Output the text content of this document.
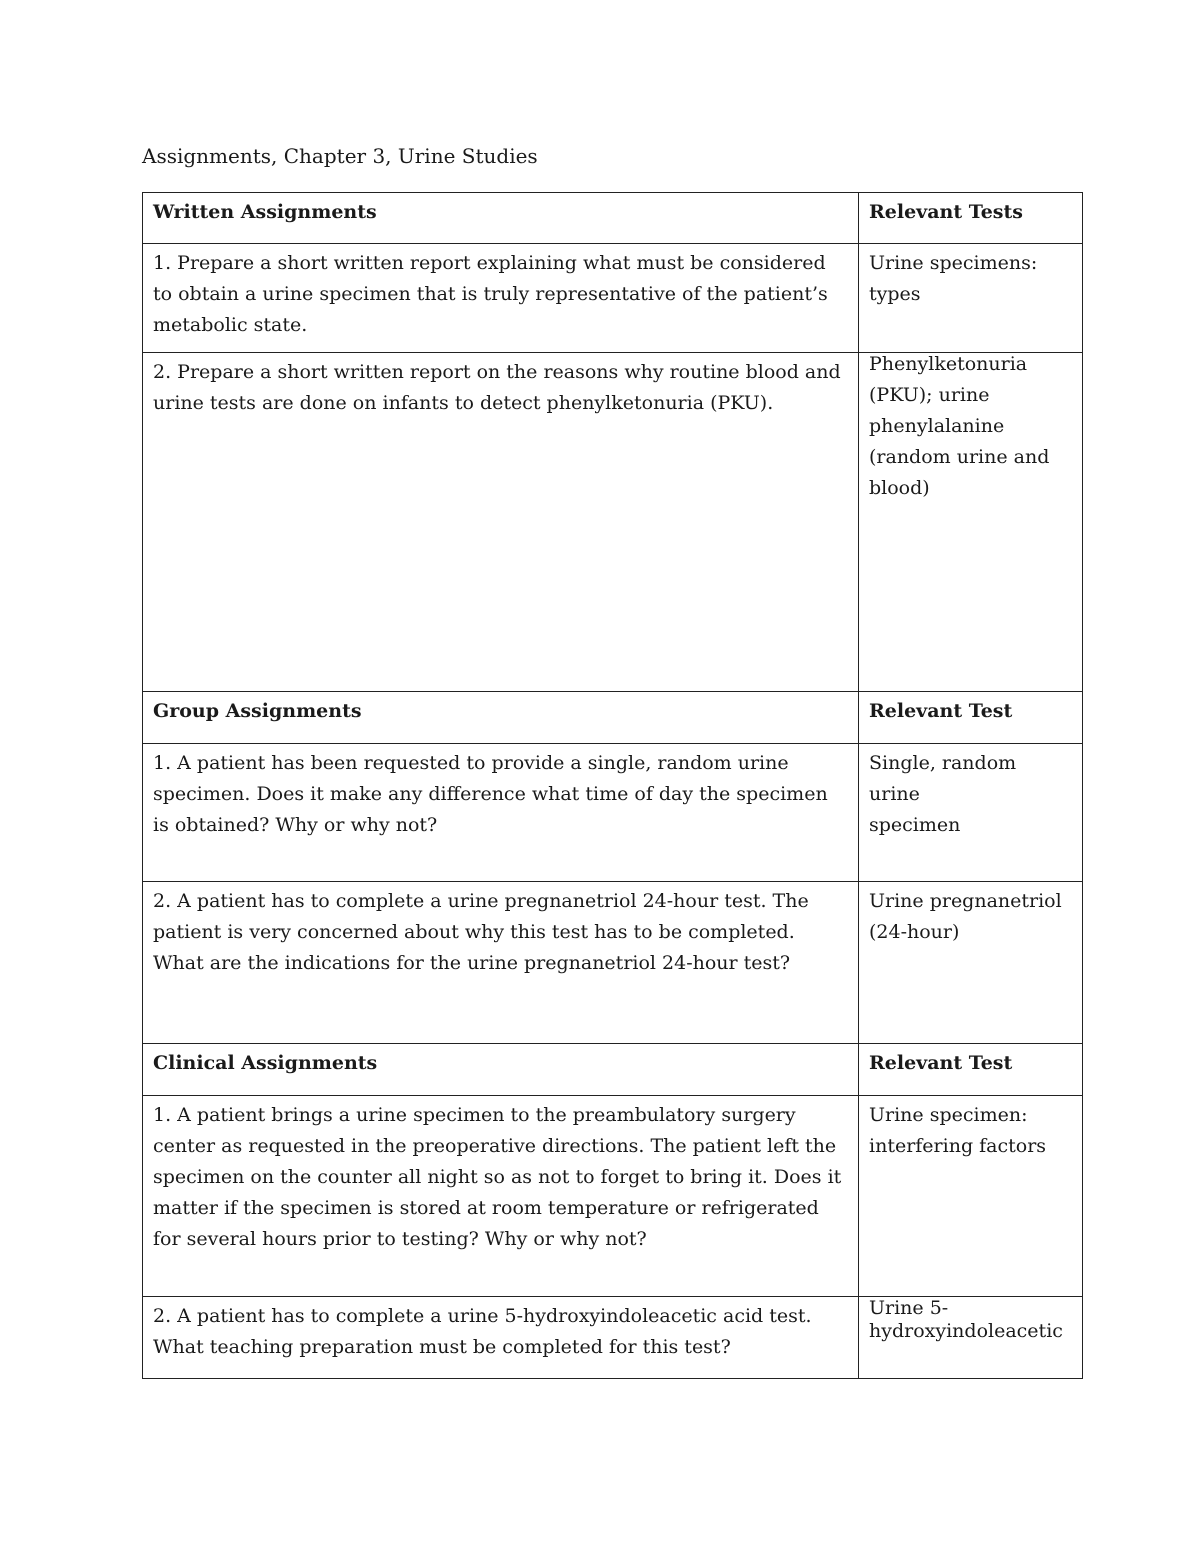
Assignments, Chapter 3, Urine Studies
Written Assignments	Relevant Tests
1. Prepare a short written report explaining what must be considered to obtain a urine specimen that is truly representative of the patient’s metabolic state.	Urine specimens:
types

2. Prepare a short written report on the reasons why routine blood and urine tests are done on infants to detect phenylketonuria (PKU).	Phenylketonuria
(PKU); urine
phenylalanine
(random urine and
blood)

Group Assignments	Relevant Test
1. A patient has been requested to provide a single, random urine specimen. Does it make any difference what time of day the specimen is obtained? Why or why not?	Single, random urine
specimen

2. A patient has to complete a urine pregnanetriol 24-hour test. The patient is very concerned about why this test has to be completed. What are the indications for the urine pregnanetriol 24-hour test?	Urine pregnanetriol
(24-hour)

Clinical Assignments	Relevant Test
1. A patient brings a urine specimen to the preambulatory surgery center as requested in the preoperative directions. The patient left the specimen on the counter all night so as not to forget to bring it. Does it matter if the specimen is stored at room temperature or refrigerated for several hours prior to testing? Why or why not?	Urine specimen:
interfering factors

2. A patient has to complete a urine 5-hydroxyindoleacetic acid test. What teaching preparation must be completed for this test?	Urine 5-
hydroxyindoleacetic
